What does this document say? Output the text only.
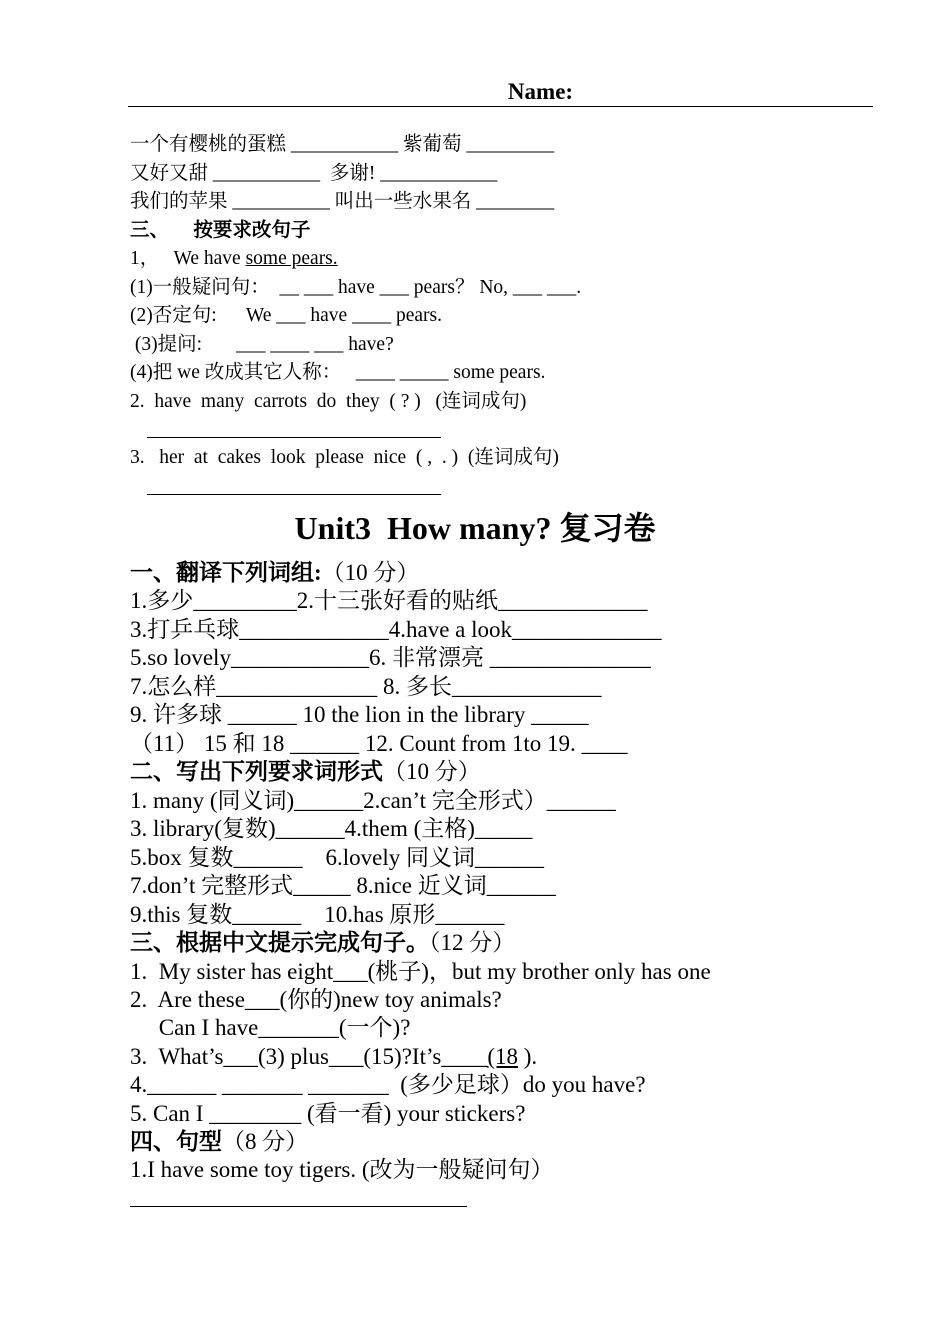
Name:
一个有樱桃的蛋糕 ___________ 紫葡萄 _________
又好又甜 ___________  多谢! ____________
我们的苹果 __________ 叫出一些水果名 ________
三、     按要求改句子
1，   We have some pears.
(1)一般疑问句：  __ ___ have ___ pears？ No, ___ ___.
(2)否定句:      We ___ have ____ pears.
(3)提问:       ___ ____ ___ have?
(4)把 we 改成其它人称：   ____ _____ some pears.
2.  have  many  carrots  do  they  ( ? )   (连词成句)
3.   her  at  cakes  look  please  nice  ( ,  . )  (连词成句)
Unit3  How many? 复习卷
一、翻译下列词组:（10 分）
1.多少_________2.十三张好看的贴纸_____________
3.打乒乓球_____________4.have a look_____________
5.so lovely____________6. 非常漂亮 ______________
7.怎么样______________ 8. 多长_____________
9. 许多球 ______ 10 the lion in the library _____
（11） 15 和 18 ______ 12. Count from 1to 19. ____
二、写出下列要求词形式（10 分）
1. many (同义词)______2.can’t 完全形式）______
3. library(复数)______4.them (主格)_____
5.box 复数______    6.lovely 同义词______
7.don’t 完整形式_____ 8.nice 近义词______
9.this 复数______    10.has 原形______
三、根据中文提示完成句子。（12 分）
1.  My sister has eight___(桃子)，but my brother only has one
2.  Are these___(你的)new toy animals?
Can I have_______(一个)?
3.  What’s___(3) plus___(15)?It’s____(18 ).
4.______ _______ _______  (多少足球）do you have?
5. Can I ________ (看一看) your stickers?
四、句型（8 分）
1.I have some toy tigers. (改为一般疑问句）
